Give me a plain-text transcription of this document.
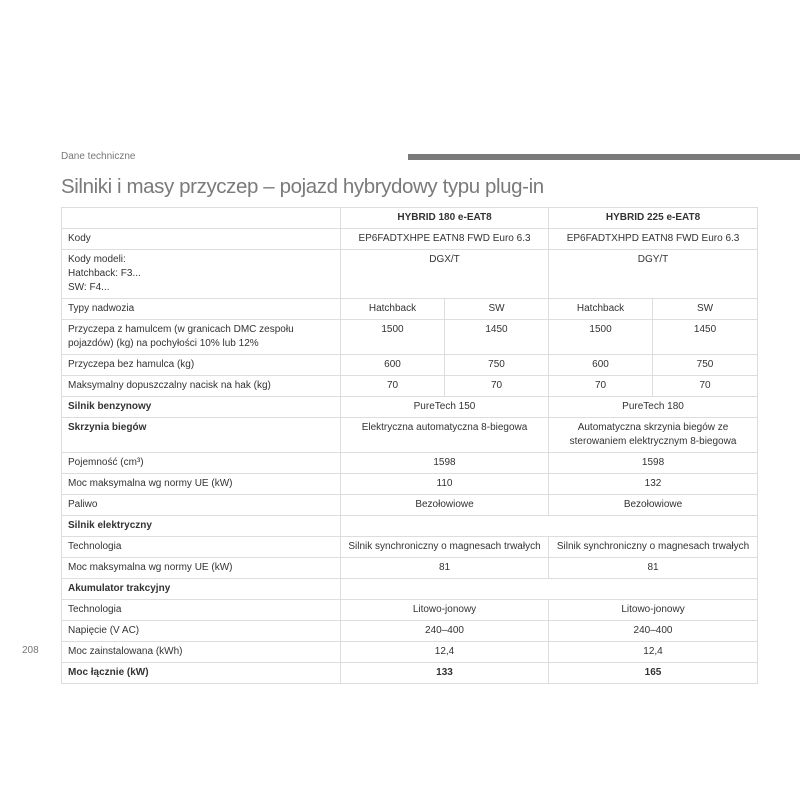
Dane techniczne
Silniki i masy przyczep – pojazd hybrydowy typu plug-in
	HYBRID 180 e-EAT8		HYBRID 225 e-EAT8	
Kody	EP6FADTXHPE EATN8 FWD Euro 6.3		EP6FADTXHPD EATN8 FWD Euro 6.3	
Kody modeli:
Hatchback: F3...
SW: F4...	DGX/T		DGY/T	
Typy nadwozia	Hatchback	SW	Hatchback	SW
Przyczepa z hamulcem (w granicach DMC zespołu pojazdów) (kg) na pochyłości 10% lub 12%	1500	1450	1500	1450
Przyczepa bez hamulca (kg)	600	750	600	750
Maksymalny dopuszczalny nacisk na hak (kg)	70	70	70	70
Silnik benzynowy	PureTech 150		PureTech 180	
Skrzynia biegów	Elektryczna automatyczna 8-biegowa		Automatyczna skrzynia biegów ze sterowaniem elektrycznym 8-biegowa	
Pojemność (cm³)	1598		1598	
Moc maksymalna wg normy UE (kW)	110		132	
Paliwo	Bezołowiowe		Bezołowiowe	
Silnik elektryczny				
Technologia	Silnik synchroniczny o magnesach trwałych		Silnik synchroniczny o magnesach trwałych	
Moc maksymalna wg normy UE (kW)	81		81	
Akumulator trakcyjny				
Technologia	Litowo-jonowy		Litowo-jonowy	
Napięcie (V AC)	240–400		240–400	
Moc zainstalowana (kWh)	12,4		12,4	
Moc łącznie (kW)	133		165	
208
